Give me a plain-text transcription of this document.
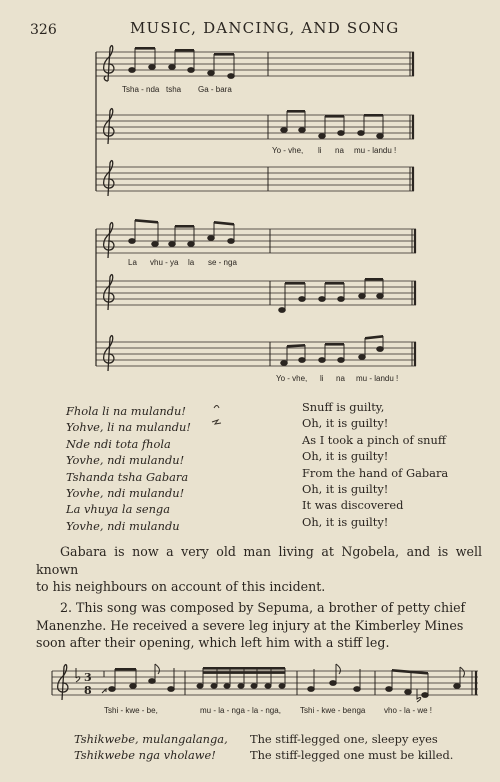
326	MUSIC, DANCING, AND SONG
Tsha - nda tsha Ga - bara
Yo - vhe, li na mu - landu !
La vhu - ya la se - nga
Yo - vhe, li na mu - landu !
Fhola li na mulandu!
Yohve, li na mulandu!
Nde ndi tota fhola
Yovhe, ndi mulandu!
Tshanda tsha Gabara
Yovhe, ndi mulandu!
La vhuya la senga
Yovhe, ndi mulandu
Snuff is guilty,
Oh, it is guilty!
As I took a pinch of snuff
Oh, it is guilty!
From the hand of Gabara
Oh, it is guilty!
It was discovered
Oh, it is guilty!

Gabara is now a very old man living at Ngobela, and is well known
to his neighbours on account of this incident.

2. This song was composed by Sepuma, a brother of petty chief
Manenzhe. He received a severe leg injury at the Kimberley Mines
soon after their opening, which left him with a stiff leg.

3
8
Tshi - kwe - be,	mu - la - nga - la - nga, Tshi - kwe - be nga vho - la - we !
Tshikwebe, mulangalanga,
Tshikwebe nga vholawe!
The stiff-legged one, sleepy eyes
The stiff-legged one must be killed.
